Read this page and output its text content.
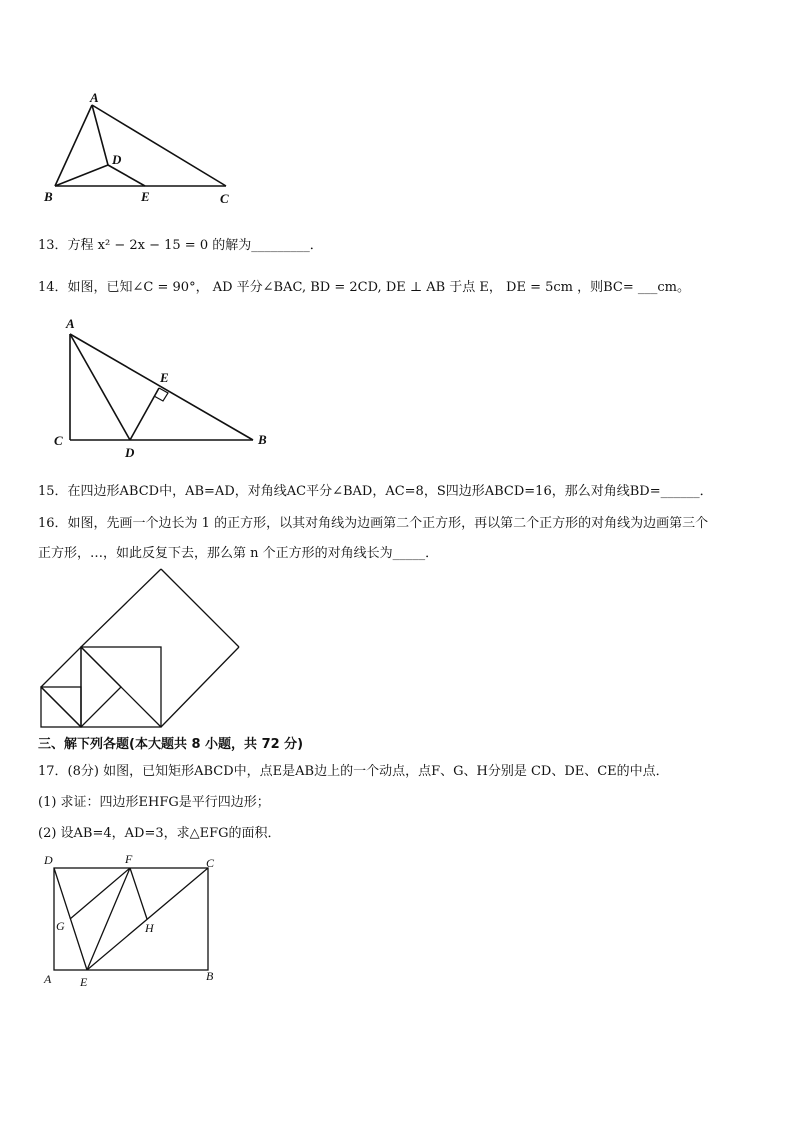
A
B	C
D
E
13．方程 x² − 2x − 15 = 0 的解为_________．
14．如图，已知∠C = 90°， AD 平分∠BAC, BD = 2CD, DE ⊥ AB 于点 E， DE = 5cm ，则BC= ___cm。
A
C
D
E
B
15．在四边形ABCD中，AB=AD，对角线AC平分∠BAD，AC=8，S四边形ABCD=16，那么对角线BD=______．
16．如图，先画一个边长为 1 的正方形，以其对角线为边画第二个正方形，再以第二个正方形的对角线为边画第三个
正方形，…，如此反复下去，那么第 n 个正方形的对角线长为_____．
三、解下列各题(本大题共 8 小题，共 72 分)
17．(8分) 如图，已知矩形ABCD中，点E是AB边上的一个动点，点F、G、H分别是 CD、DE、CE的中点．
(1) 求证：四边形EHFG是平行四边形；
(2) 设AB=4，AD=3，求△EFG的面积．
D	F	C
G	H
A E	B
